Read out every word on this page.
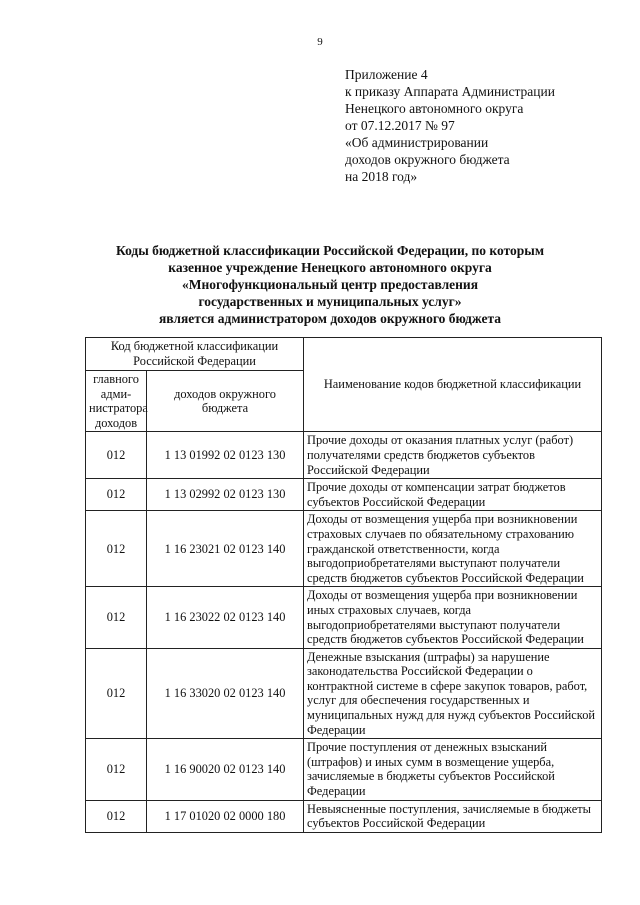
9
Приложение 4
к приказу Аппарата Администрации
Ненецкого автономного округа
от 07.12.2017 № 97
«Об администрировании
доходов окружного бюджета
на 2018 год»
Коды бюджетной классификации Российской Федерации, по которым
казенное учреждение Ненецкого автономного округа
«Многофункциональный центр предоставления
государственных и муниципальных услуг»
является администратором доходов окружного бюджета
Код бюджетной классификации Российской Федерации		Наименование кодов бюджетной классификации
главного адми-нистратора доходов	доходов окружного бюджета	
012	1 13 01992 02 0123 130	Прочие доходы от оказания платных услуг (работ) получателями средств бюджетов субъектов Российской Федерации
012	1 13 02992 02 0123 130	Прочие доходы от компенсации затрат бюджетов субъектов Российской Федерации
012	1 16 23021 02 0123 140	Доходы от возмещения ущерба при возникновении страховых случаев по обязательному страхованию гражданской ответственности, когда выгодоприобретателями выступают получатели средств бюджетов субъектов Российской Федерации
012	1 16 23022 02 0123 140	Доходы от возмещения ущерба при возникновении иных страховых случаев, когда выгодоприобретателями выступают получатели средств бюджетов субъектов Российской Федерации
012	1 16 33020 02 0123 140	Денежные взыскания (штрафы) за нарушение законодательства Российской Федерации о контрактной системе в сфере закупок товаров, работ, услуг для обеспечения государственных и муниципальных нужд для нужд субъектов Российской Федерации
012	1 16 90020 02 0123 140	Прочие поступления от денежных взысканий (штрафов) и иных сумм в возмещение ущерба, зачисляемые в бюджеты субъектов Российской Федерации
012	1 17 01020 02 0000 180	Невыясненные поступления, зачисляемые в бюджеты субъектов Российской Федерации
